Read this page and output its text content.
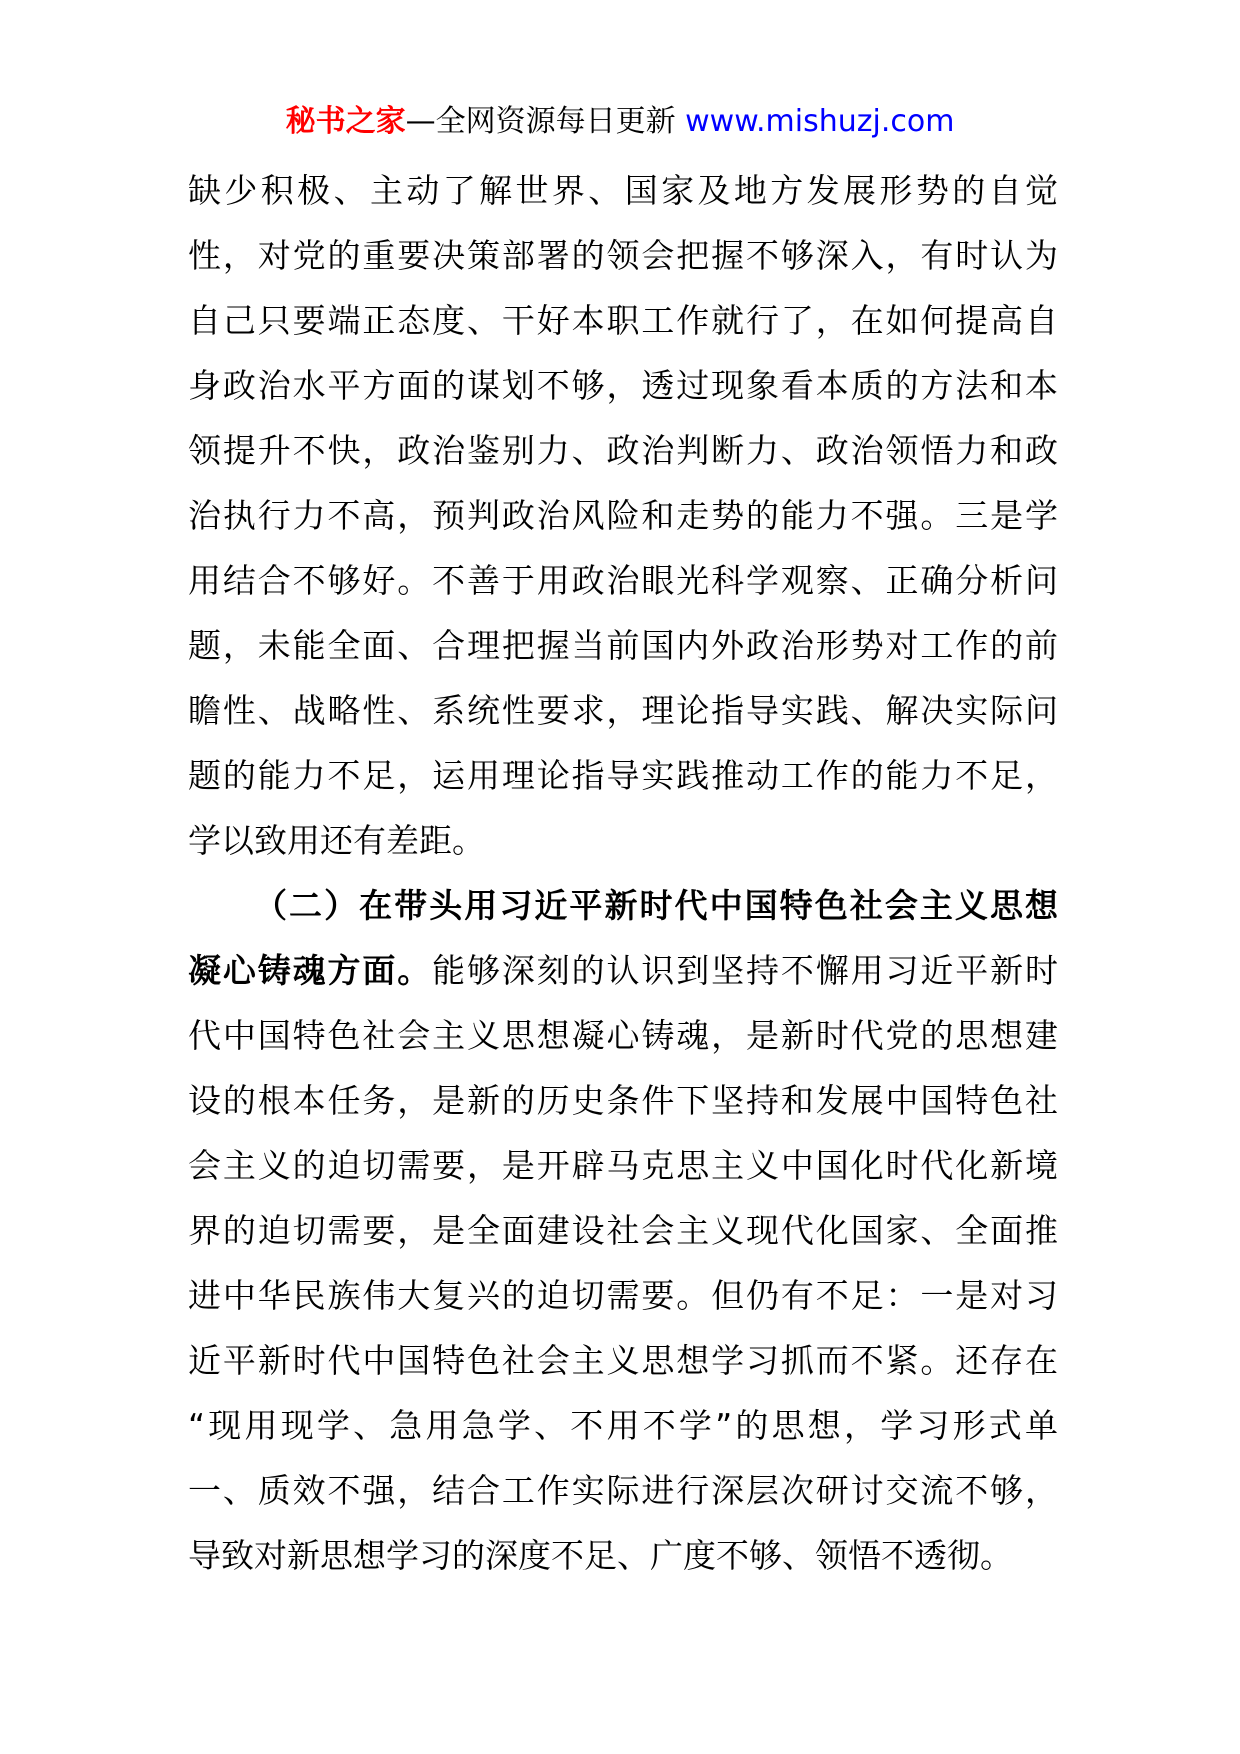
秘书之家—全网资源每日更新 www.mishuzj.com
缺少积极、主动了解世界、国家及地方发展形势的自觉
性，对党的重要决策部署的领会把握不够深入，有时认为
自己只要端正态度、干好本职工作就行了，在如何提高自
身政治水平方面的谋划不够，透过现象看本质的方法和本
领提升不快，政治鉴别力、政治判断力、政治领悟力和政
治执行力不高，预判政治风险和走势的能力不强。三是学
用结合不够好。不善于用政治眼光科学观察、正确分析问
题，未能全面、合理把握当前国内外政治形势对工作的前
瞻性、战略性、系统性要求，理论指导实践、解决实际问
题的能力不足，运用理论指导实践推动工作的能力不足，
学以致用还有差距。
（二）在带头用习近平新时代中国特色社会主义思想
凝心铸魂方面。能够深刻的认识到坚持不懈用习近平新时
代中国特色社会主义思想凝心铸魂，是新时代党的思想建
设的根本任务，是新的历史条件下坚持和发展中国特色社
会主义的迫切需要，是开辟马克思主义中国化时代化新境
界的迫切需要，是全面建设社会主义现代化国家、全面推
进中华民族伟大复兴的迫切需要。但仍有不足：一是对习
近平新时代中国特色社会主义思想学习抓而不紧。还存在
“现用现学、急用急学、不用不学”的思想，学习形式单
一、质效不强，结合工作实际进行深层次研讨交流不够，
导致对新思想学习的深度不足、广度不够、领悟不透彻。
